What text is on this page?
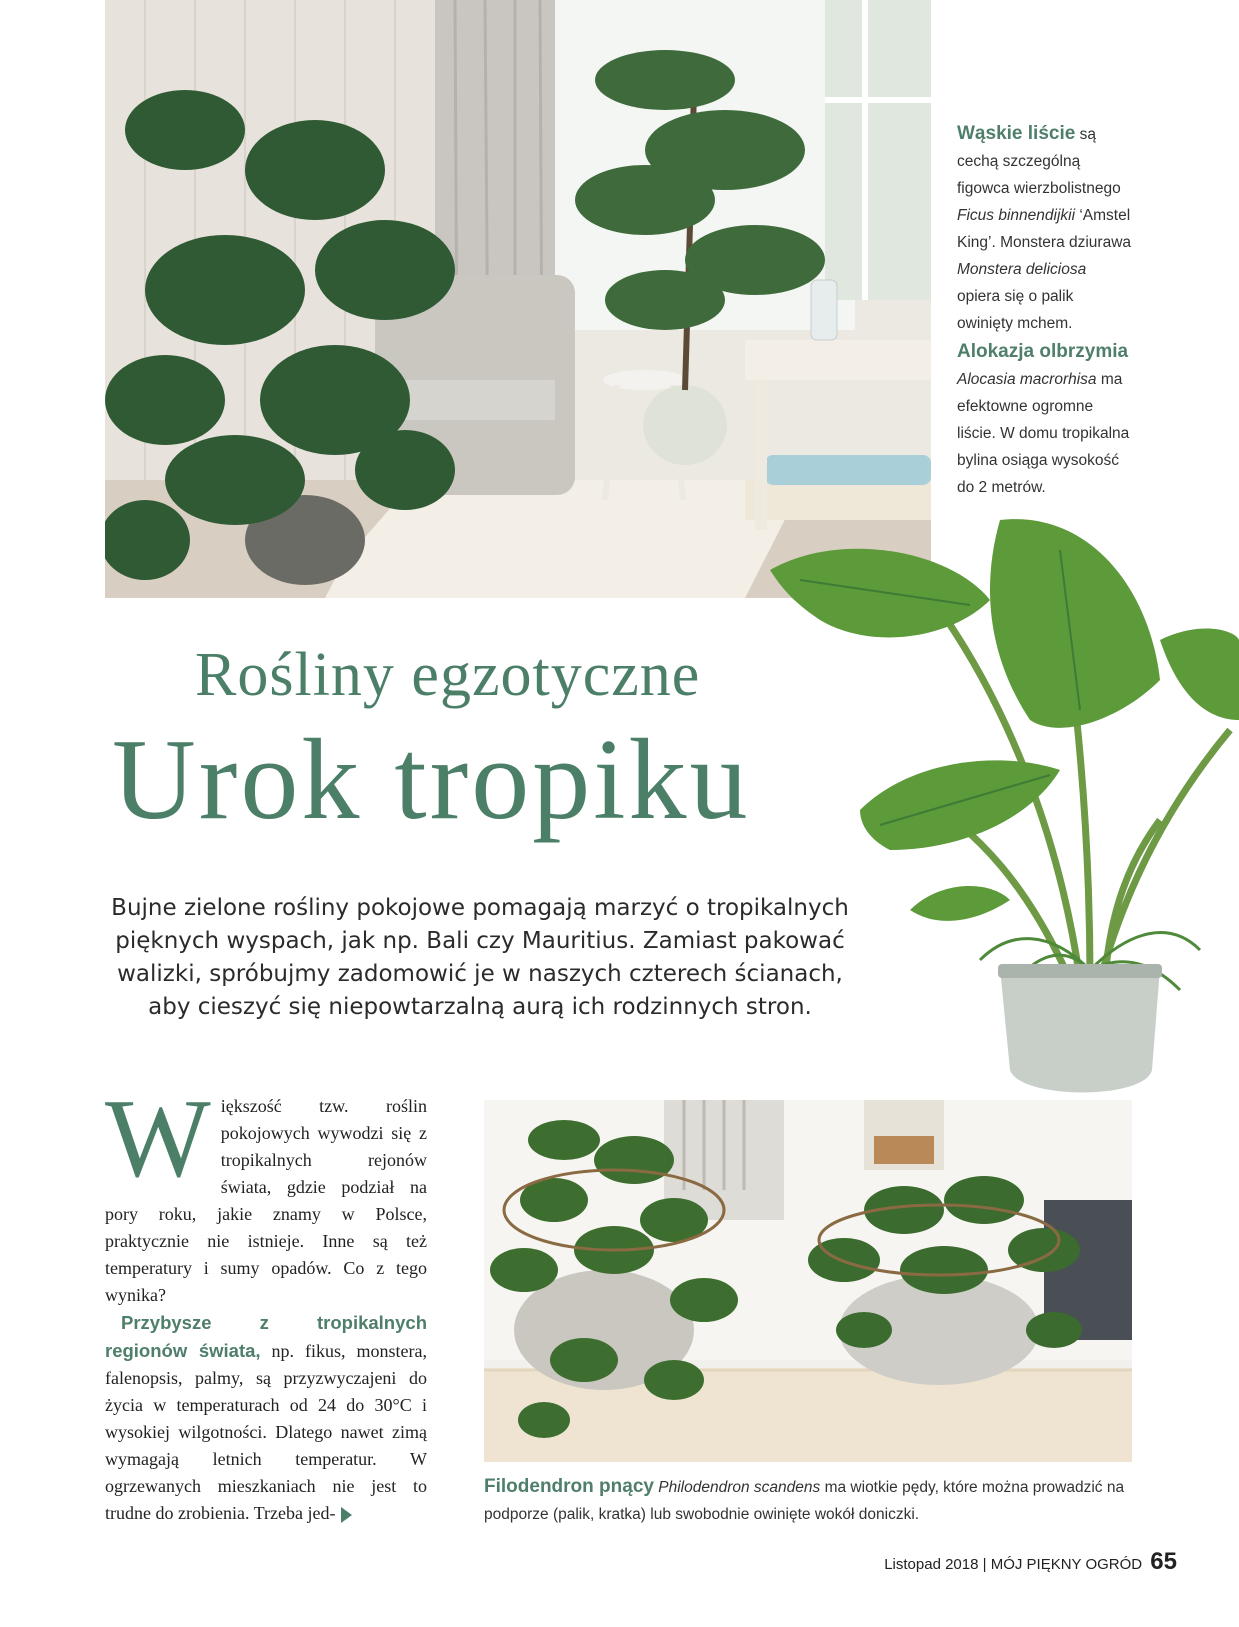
Wąskie liście są cechą szczególną figowca wierzbolistnego Ficus binnendijkii ‘Amstel King’. Monstera dziurawa Monstera deliciosa opiera się o palik owinięty mchem.
Alokazja olbrzymia Alocasia macrorhisa ma efektowne ogromne liście. W domu tropikalna bylina osiąga wysokość do 2 metrów.
Rośliny egzotyczne
Urok tropiku
Bujne zielone rośliny pokojowe pomagają marzyć o tropikalnych pięknych wyspach, jak np. Bali czy Mauritius. Zamiast pakować walizki, spróbujmy zadomowić je w naszych czterech ścianach, aby cieszyć się niepowtarzalną aurą ich rodzinnych stron.
Większość tzw. roślin pokojowych wywodzi się z tropikalnych rejonów świata, gdzie podział na pory roku, jakie znamy w Polsce, praktycznie nie istnieje. Inne są też temperatury i sumy opadów. Co z tego wynika?
Przybysze z tropikalnych regionów świata, np. fikus, monstera, falenopsis, palmy, są przyzwyczajeni do życia w temperaturach od 24 do 30°C i wysokiej wilgotności. Dlatego nawet zimą wymagają letnich temperatur. W ogrzewanych mieszkaniach nie jest to trudne do zrobienia. Trzeba jed-
Filodendron pnący Philodendron scandens ma wiotkie pędy, które można prowadzić na podporze (palik, kratka) lub swobodnie owinięte wokół doniczki.
Listopad 2018 | MÓJ PIĘKNY OGRÓD 65
